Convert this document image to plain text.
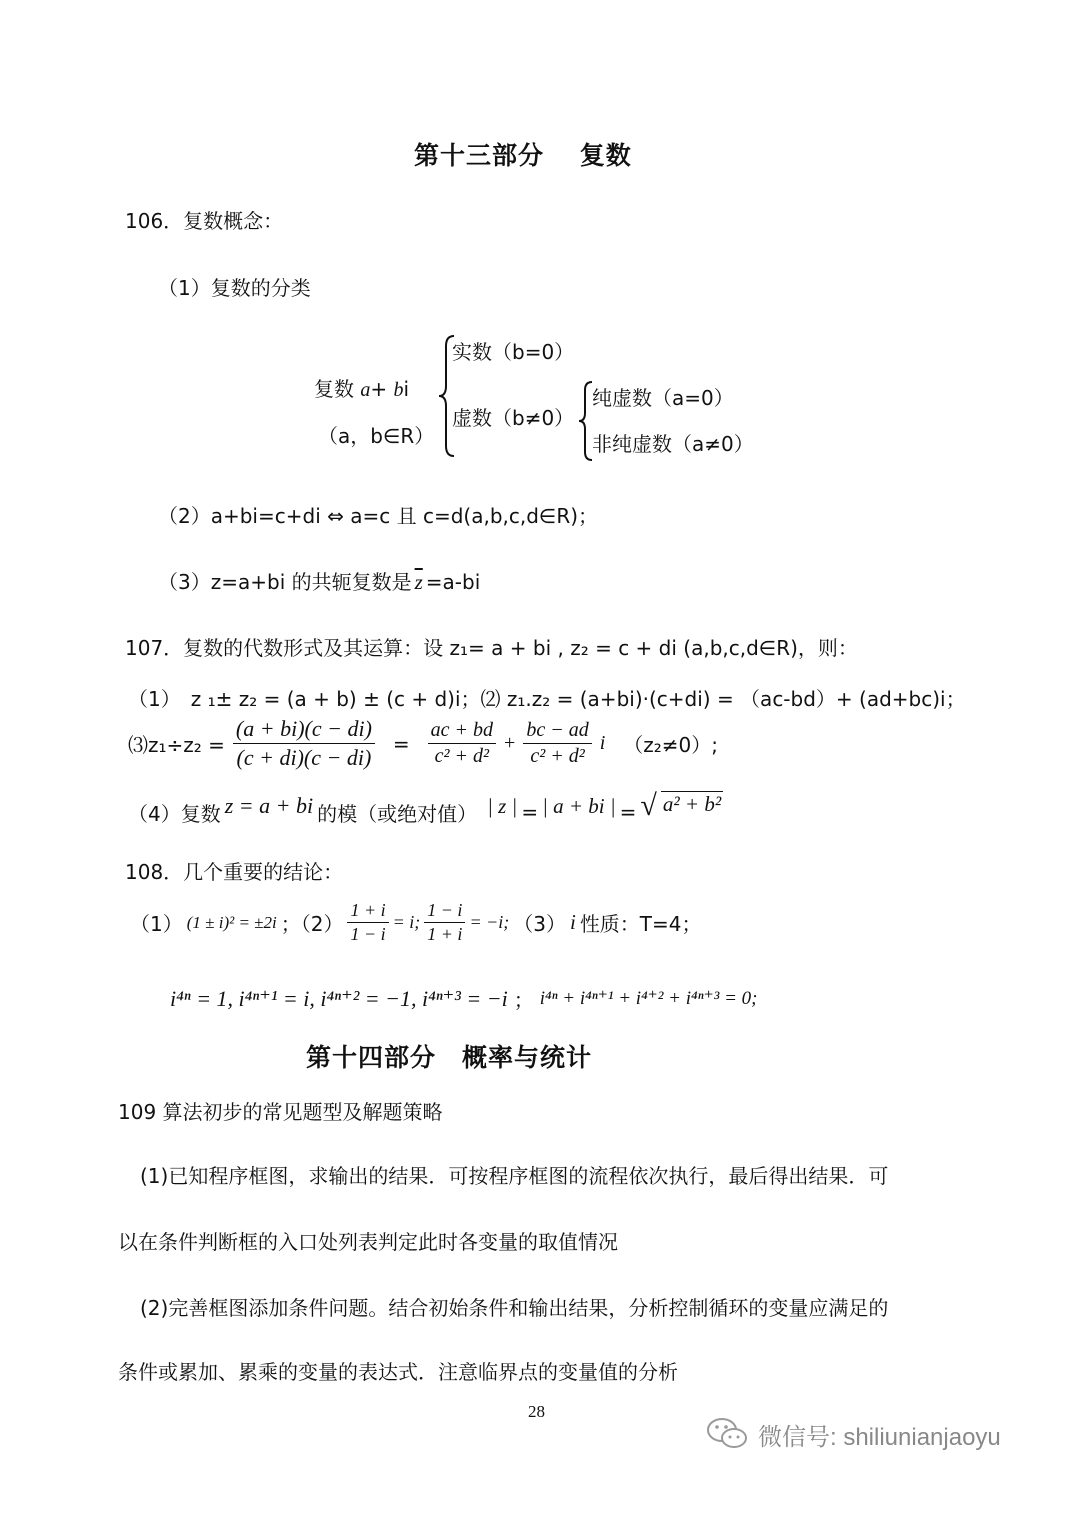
第十三部分　 复数
106．复数概念：
（1）复数的分类
复数 a+ bi
（a，b∈R）
实数（b=0）
虚数（b≠0）
纯虚数（a=0）
非纯虚数（a≠0）
（2）a+bi=c+di ⇔ a=c 且 c=d(a,b,c,d∈R)；
（3）z=a+bi 的共轭复数是 $\overline{z} =a-bi$
107．复数的代数形式及其运算：设 z₁= a + bi , z₂ = c + di (a,b,c,d∈R)，则：
（1）　z ₁± z₂ = (a + b) ± (c + d)i；⑵ z₁.z₂ = (a+bi)·(c+di) = （ac-bd）+ (ad+bc)i；
⑶z₁÷z₂ = $\frac{(a + bi)(c - di)}{(c + di)(c - di)} = \frac{ac + bd}{\text{c² + d²}} + \frac{bc - ad}{\text{c² + d²}}$ i （z₂≠0）;
（4）复数 z = a + bi 的模（或绝对值） | z | = | a + bi | = √ a² + b²
108．几个重要的结论：
（1） (1 ± i)² = ±2i ；$(2) \frac{1 + i}{1 - i} = i$; $\frac{1 - i}{1 + i} = -i$; （3） i 性质：T=4；
i⁴ⁿ = 1, i⁴ⁿ⁺¹ = i, i⁴ⁿ⁺² = −1, i⁴ⁿ⁺³ = −i ； i⁴ⁿ + i⁴ⁿ⁺¹ + i⁴⁺² + i⁴ⁿ⁺³ = 0;
第十四部分　概率与统计
109 算法初步的常见题型及解题策略
(1)已知程序框图，求输出的结果．可按程序框图的流程依次执行，最后得出结果．可
以在条件判断框的入口处列表判定此时各变量的取值情况
(2)完善框图添加条件问题。结合初始条件和输出结果，分析控制循环的变量应满足的
条件或累加、累乘的变量的表达式．注意临界点的变量值的分析
28
微信号: shiliunianjaoyu
